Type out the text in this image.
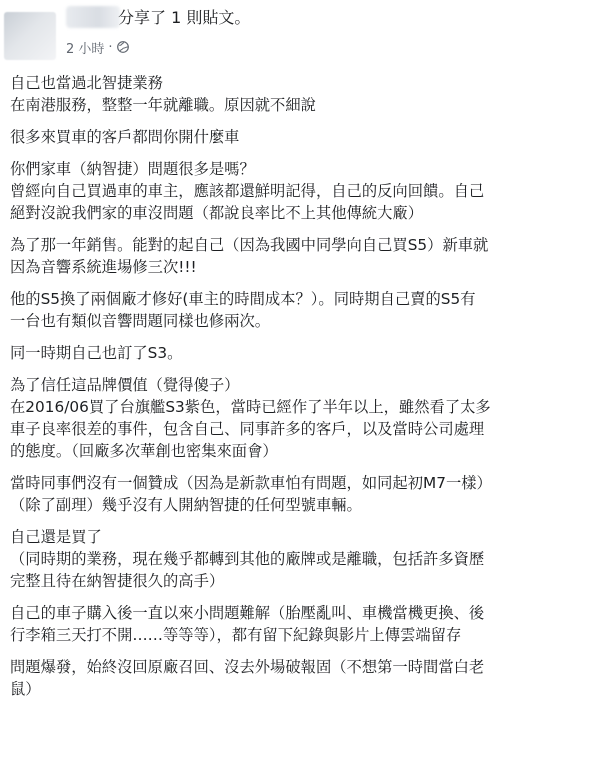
分享了 1 則貼文。
2 小時 ·
自己也當過北智捷業務
在南港服務，整整一年就離職。原因就不細說
很多來買車的客戶都問你開什麼車
你們家車（納智捷）問題很多是嗎？
曾經向自己買過車的車主，應該都還鮮明記得，自己的反向回饋。自己
絕對沒說我們家的車沒問題（都說良率比不上其他傳統大廠）
為了那一年銷售。能對的起自己（因為我國中同學向自己買S5）新車就
因為音響系統進場修三次!!!
他的S5換了兩個廠才修好(車主的時間成本？）。同時期自己賣的S5有
一台也有類似音響問題同樣也修兩次。
同一時期自己也訂了S3。
為了信任這品牌價值（覺得傻子）
在2016/06買了台旗艦S3紫色，當時已經作了半年以上，雖然看了太多
車子良率很差的事件，包含自己、同事許多的客戶，以及當時公司處理
的態度。（回廠多次華創也密集來面會）
當時同事們沒有一個贊成（因為是新款車怕有問題，如同起初M7一樣）
（除了副理）幾乎沒有人開納智捷的任何型號車輛。
自己還是買了
（同時期的業務，現在幾乎都轉到其他的廠牌或是離職，包括許多資歷
完整且待在納智捷很久的高手）
自己的車子購入後一直以來小問題難解（胎壓亂叫、車機當機更換、後
行李箱三天打不開……等等等），都有留下紀錄與影片上傳雲端留存
問題爆發，始終沒回原廠召回、沒去外場破報固（不想第一時間當白老
鼠）
